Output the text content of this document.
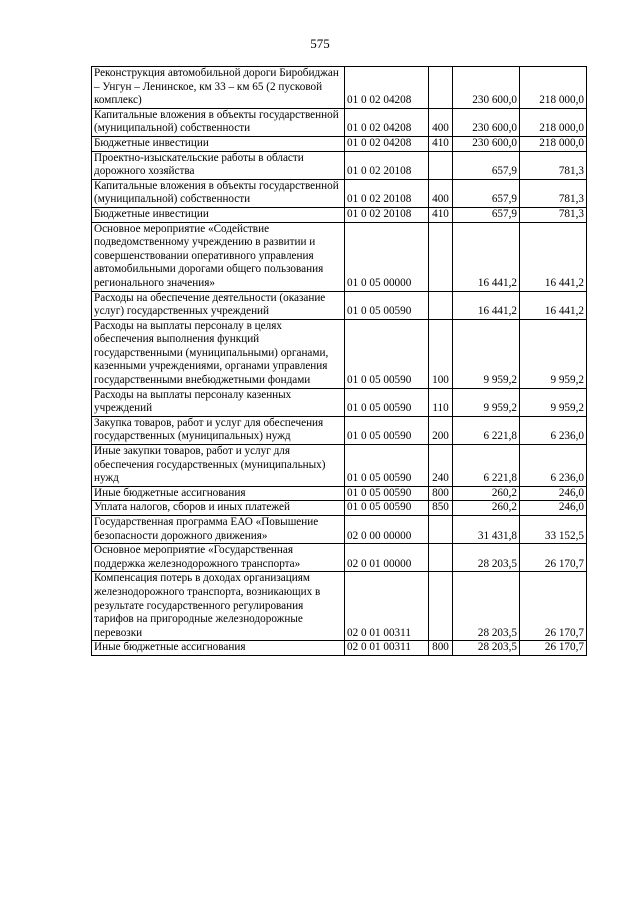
575
Реконструкция автомобильной дороги Биробиджан – Унгун – Ленинское, км 33 – км 65 (2 пусковой комплекс)	01 0 02 04208		230 600,0	218 000,0
Капитальные вложения в объекты государственной (муниципальной) собственности	01 0 02 04208	400	230 600,0	218 000,0
Бюджетные инвестиции	01 0 02 04208	410	230 600,0	218 000,0
Проектно-изыскательские работы в области дорожного хозяйства	01 0 02 20108		657,9	781,3
Капитальные вложения в объекты государственной (муниципальной) собственности	01 0 02 20108	400	657,9	781,3
Бюджетные инвестиции	01 0 02 20108	410	657,9	781,3
Основное мероприятие «Содействие подведомственному учреждению в развитии и совершенствовании оперативного управления автомобильными дорогами общего пользования регионального значения»	01 0 05 00000		16 441,2	16 441,2
Расходы на обеспечение деятельности (оказание услуг) государственных учреждений	01 0 05 00590		16 441,2	16 441,2
Расходы на выплаты персоналу в целях обеспечения выполнения функций государственными (муниципальными) органами, казенными учреждениями, органами управления государственными внебюджетными фондами	01 0 05 00590	100	9 959,2	9 959,2
Расходы на выплаты персоналу казенных учреждений	01 0 05 00590	110	9 959,2	9 959,2
Закупка товаров, работ и услуг для обеспечения государственных (муниципальных) нужд	01 0 05 00590	200	6 221,8	6 236,0
Иные закупки товаров, работ и услуг для обеспечения государственных (муниципальных) нужд	01 0 05 00590	240	6 221,8	6 236,0
Иные бюджетные ассигнования	01 0 05 00590	800	260,2	246,0
Уплата налогов, сборов и иных платежей	01 0 05 00590	850	260,2	246,0
Государственная программа ЕАО «Повышение безопасности дорожного движения»	02 0 00 00000		31 431,8	33 152,5
Основное мероприятие «Государственная поддержка железнодорожного транспорта»	02 0 01 00000		28 203,5	26 170,7
Компенсация потерь в доходах организациям железнодорожного транспорта, возникающих в результате государственного регулирования тарифов на пригородные железнодорожные перевозки	02 0 01 00311		28 203,5	26 170,7
Иные бюджетные ассигнования	02 0 01 00311	800	28 203,5	26 170,7
